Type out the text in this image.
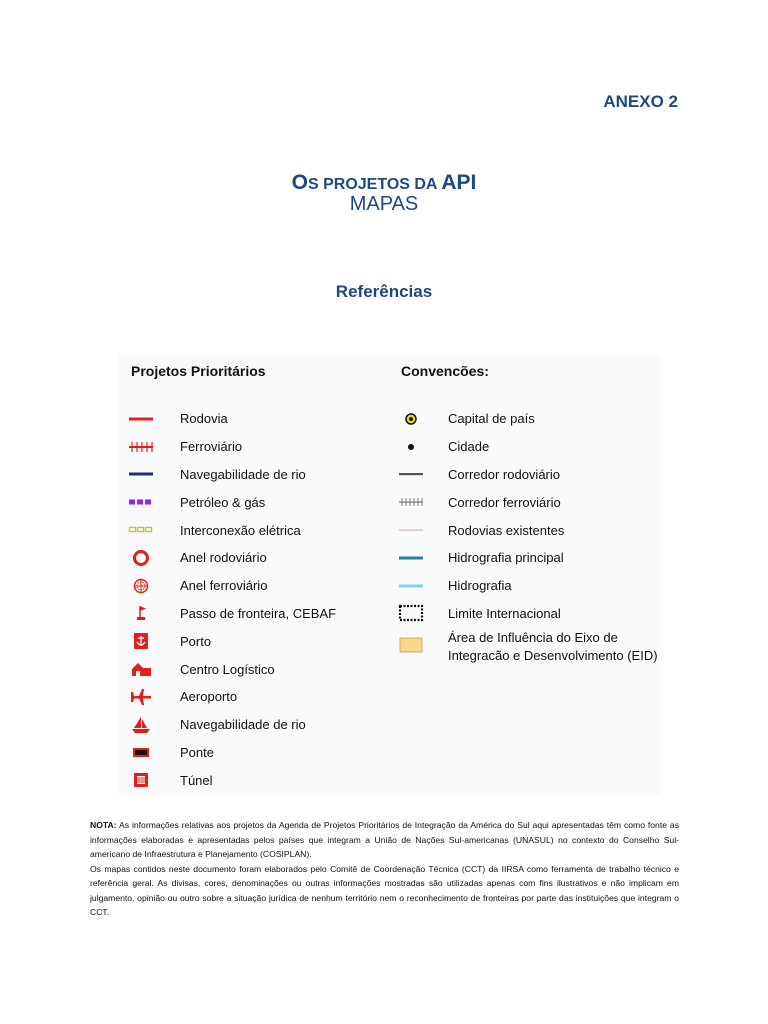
ANEXO 2

OS PROJETOS DA API
MAPAS
Referências
Projetos Prioritários	Convencões:
Rodovia
Ferroviário
Navegabilidade de rio
Petróleo & gás
Interconexão elétrica
Anel rodoviário
Anel ferroviário
Passo de fronteira, CEBAF
Porto
Centro Logístico
Aeroporto
Navegabilidade de rio
Ponte
Túnel
Capital de país
Cidade
Corredor rodoviário
Corredor ferroviário
Rodovias existentes
Hidrografia principal
Hidrografia
Limite Internacional
Área de Influência do Eixo de
Integracão e Desenvolvimento (EID)

NOTA: As informações relativas aos projetos da Agenda de Projetos Prioritários de Integração da América do Sul aqui apresentadas têm como fonte as informações elaboradas e apresentadas pelos países que integram a União de Nações Sul-americanas (UNASUL) no contexto do Conselho Sul-americano de Infraestrutura e Planejamento (COSIPLAN).

Os mapas contidos neste documento foram elaborados pelo Comitê de Coordenação Técnica (CCT) da IIRSA como ferramenta de trabalho técnico e referência geral. As divisas, cores, denominações ou outras informações mostradas são utilizadas apenas com fins ilustrativos e não implicam em julgamento, opinião ou outro sobre a situação jurídica de nenhum território nem o reconhecimento de fronteiras por parte das instituições que integram o CCT.
